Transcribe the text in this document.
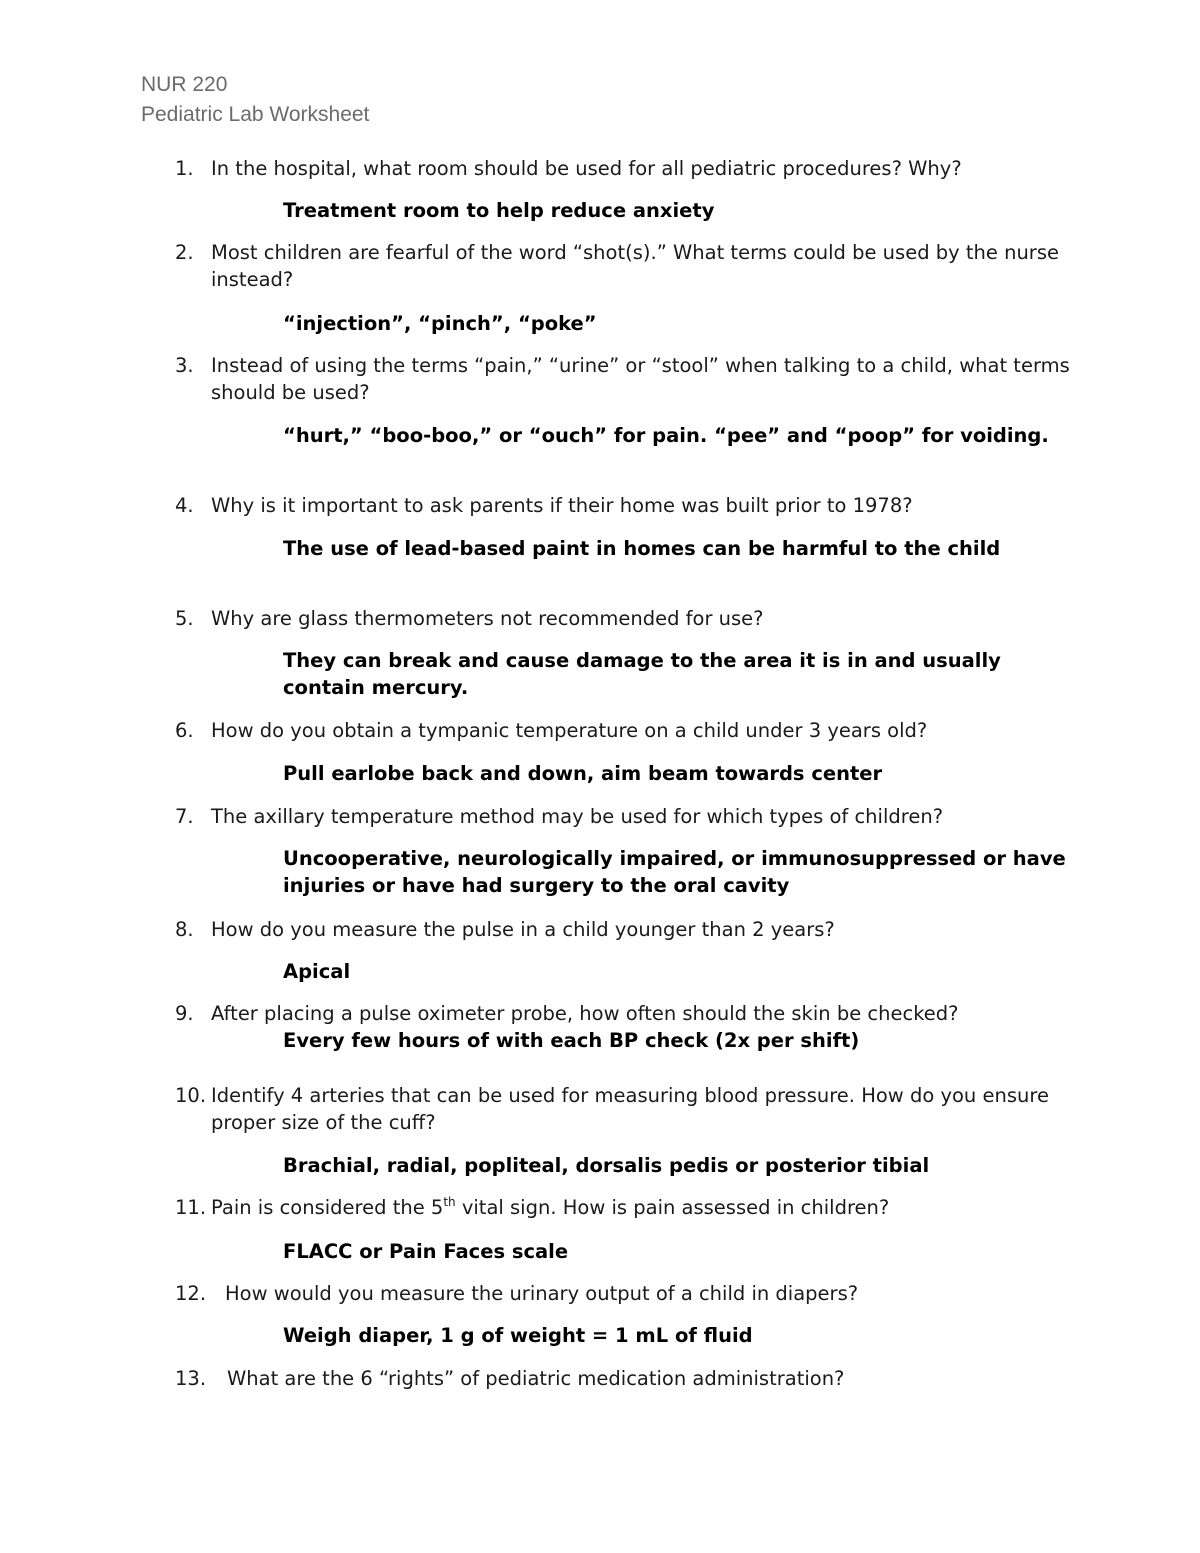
NUR 220
Pediatric Lab Worksheet
1. In the hospital, what room should be used for all pediatric procedures? Why?
Treatment room to help reduce anxiety
2. Most children are fearful of the word “shot(s).” What terms could be used by the nurse instead?
“injection”, “pinch”, “poke”
3. Instead of using the terms “pain,” “urine” or “stool” when talking to a child, what terms should be used?
“hurt,” “boo-boo,” or “ouch” for pain. “pee” and “poop” for voiding.
4. Why is it important to ask parents if their home was built prior to 1978?
The use of lead-based paint in homes can be harmful to the child
5. Why are glass thermometers not recommended for use?
They can break and cause damage to the area it is in and usually contain mercury.
6. How do you obtain a tympanic temperature on a child under 3 years old?
Pull earlobe back and down, aim beam towards center
7. The axillary temperature method may be used for which types of children?
Uncooperative, neurologically impaired, or immunosuppressed or have injuries or have had surgery to the oral cavity
8. How do you measure the pulse in a child younger than 2 years?
Apical
9. After placing a pulse oximeter probe, how often should the skin be checked?
Every few hours of with each BP check (2x per shift)
10. Identify 4 arteries that can be used for measuring blood pressure. How do you ensure proper size of the cuff?
Brachial, radial, popliteal, dorsalis pedis or posterior tibial
11. Pain is considered the 5th vital sign. How is pain assessed in children?
FLACC or Pain Faces scale
12. How would you measure the urinary output of a child in diapers?
Weigh diaper, 1 g of weight = 1 mL of fluid
13. What are the 6 “rights” of pediatric medication administration?
